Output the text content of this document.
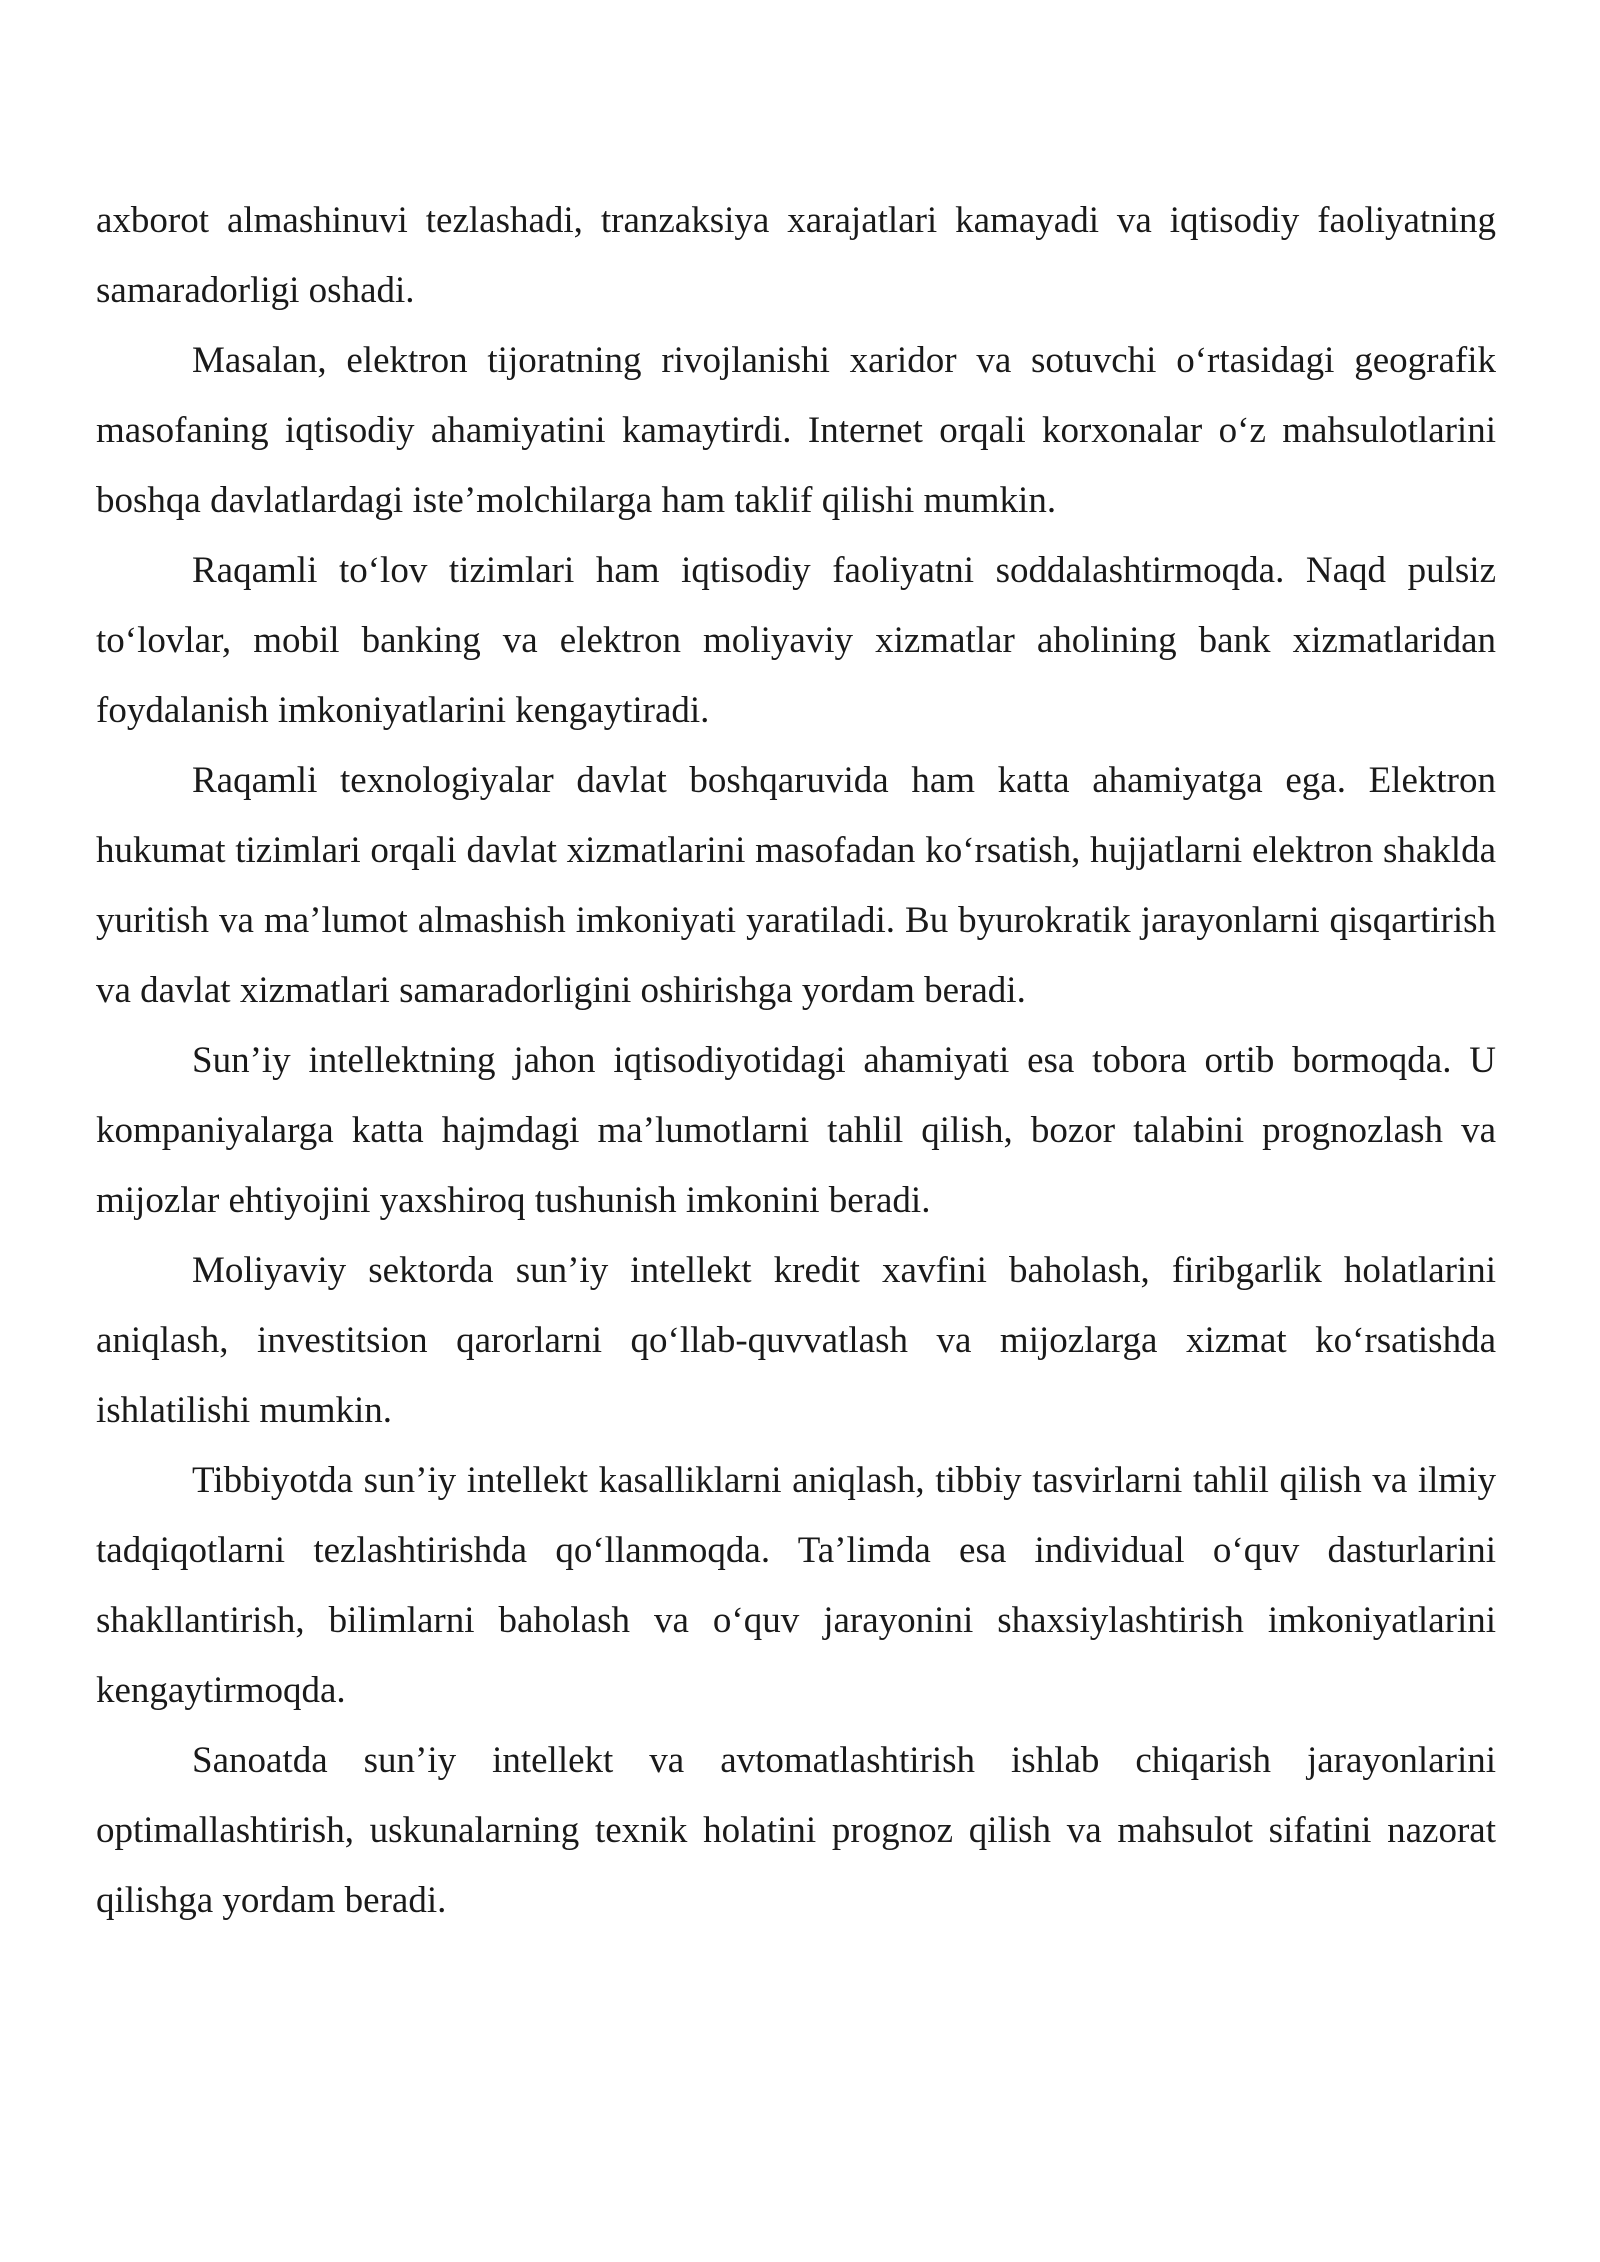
axborot almashinuvi tezlashadi, tranzaksiya xarajatlari kamayadi va iqtisodiy faoliyatning samaradorligi oshadi.

Masalan, elektron tijoratning rivojlanishi xaridor va sotuvchi o‘rtasidagi geografik masofaning iqtisodiy ahamiyatini kamaytirdi. Internet orqali korxonalar o‘z mahsulotlarini boshqa davlatlardagi iste’molchilarga ham taklif qilishi mumkin.

Raqamli to‘lov tizimlari ham iqtisodiy faoliyatni soddalashtirmoqda. Naqd pulsiz to‘lovlar, mobil banking va elektron moliyaviy xizmatlar aholining bank xizmatlaridan foydalanish imkoniyatlarini kengaytiradi.

Raqamli texnologiyalar davlat boshqaruvida ham katta ahamiyatga ega. Elektron hukumat tizimlari orqali davlat xizmatlarini masofadan ko‘rsatish, hujjatlarni elektron shaklda yuritish va ma’lumot almashish imkoniyati yaratiladi. Bu byurokratik jarayonlarni qisqartirish va davlat xizmatlari samaradorligini oshirishga yordam beradi.

Sun’iy intellektning jahon iqtisodiyotidagi ahamiyati esa tobora ortib bormoqda. U kompaniyalarga katta hajmdagi ma’lumotlarni tahlil qilish, bozor talabini prognozlash va mijozlar ehtiyojini yaxshiroq tushunish imkonini beradi.

Moliyaviy sektorda sun’iy intellekt kredit xavfini baholash, firibgarlik holatlarini aniqlash, investitsion qarorlarni qo‘llab-quvvatlash va mijozlarga xizmat ko‘rsatishda ishlatilishi mumkin.

Tibbiyotda sun’iy intellekt kasalliklarni aniqlash, tibbiy tasvirlarni tahlil qilish va ilmiy tadqiqotlarni tezlashtirishda qo‘llanmoqda. Ta’limda esa individual o‘quv dasturlarini shakllantirish, bilimlarni baholash va o‘quv jarayonini shaxsiylashtirish imkoniyatlarini kengaytirmoqda.

Sanoatda sun’iy intellekt va avtomatlashtirish ishlab chiqarish jarayonlarini optimallashtirish, uskunalarning texnik holatini prognoz qilish va mahsulot sifatini nazorat qilishga yordam beradi.
